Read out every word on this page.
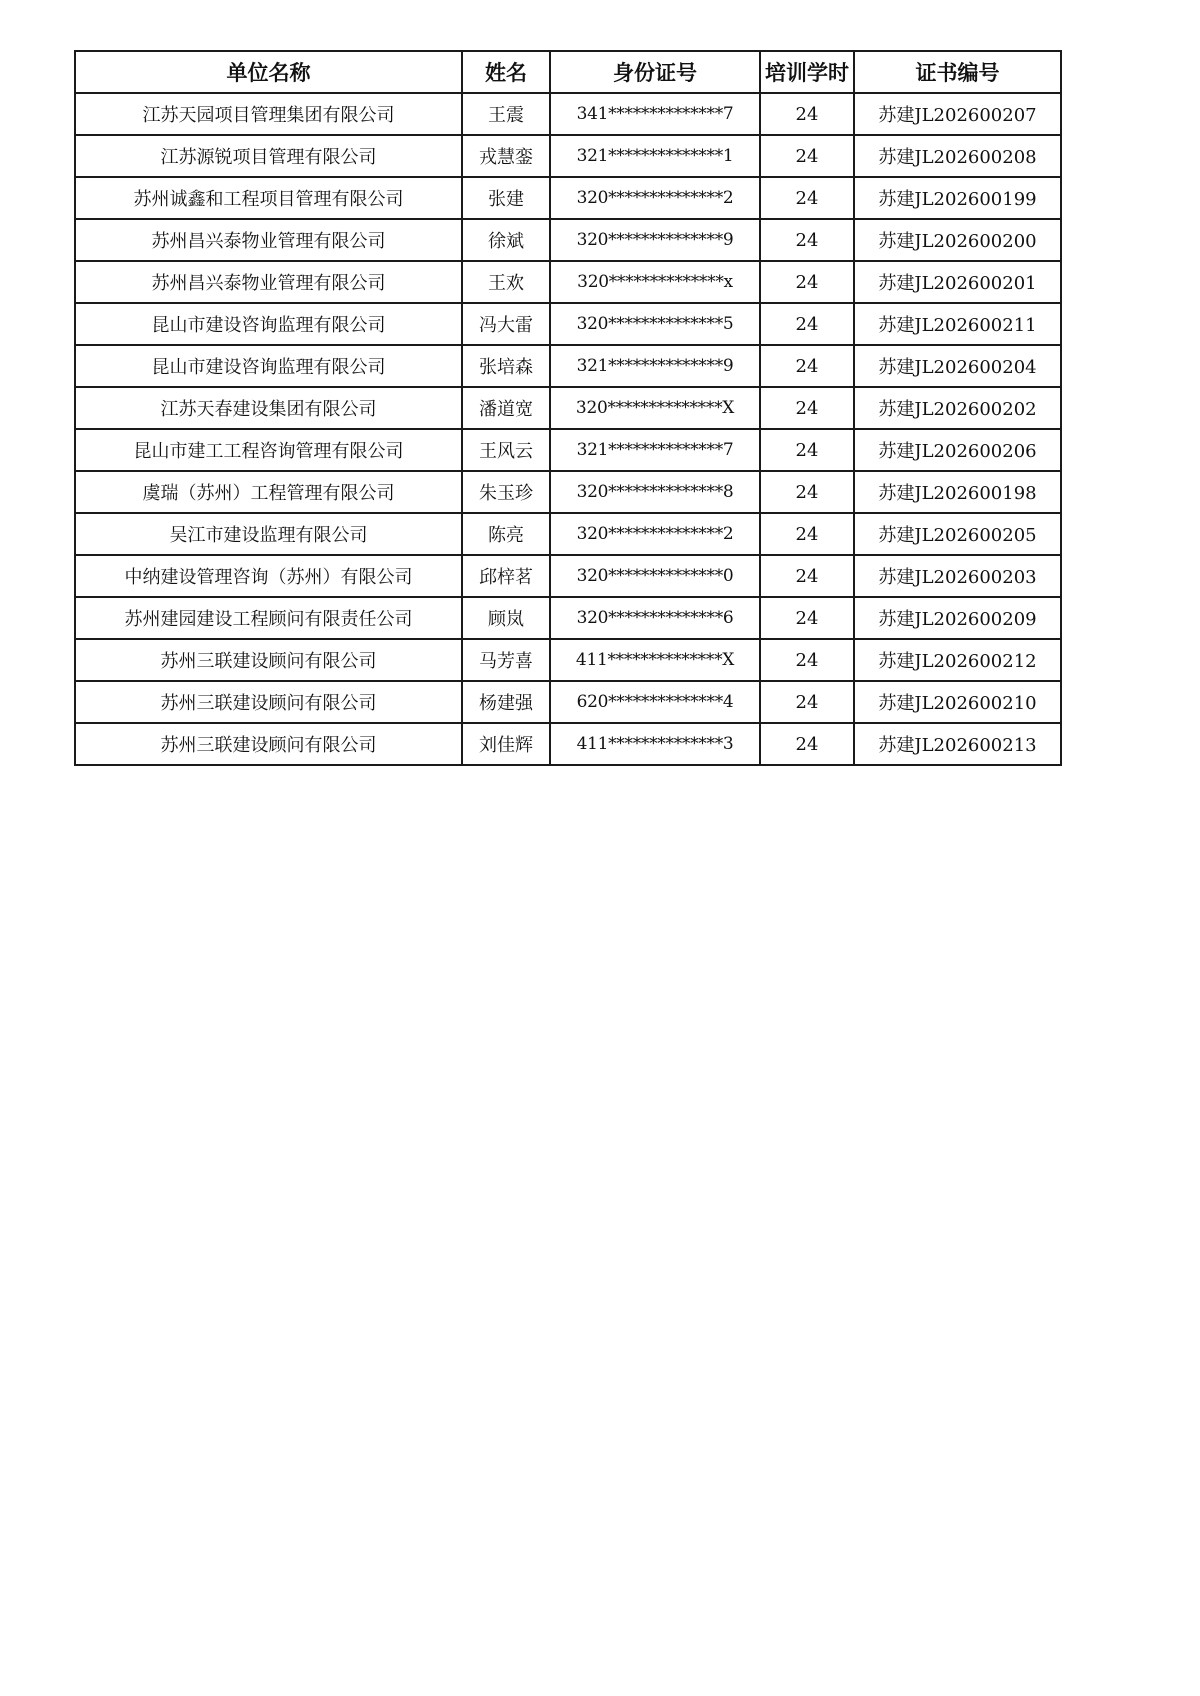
单位名称	姓名	身份证号	培训学时	证书编号
江苏天园项目管理集团有限公司	王震	341**************7	24	苏建JL202600207
江苏源锐项目管理有限公司	戎慧銮	321**************1	24	苏建JL202600208
苏州诚鑫和工程项目管理有限公司	张建	320**************2	24	苏建JL202600199
苏州昌兴泰物业管理有限公司	徐斌	320**************9	24	苏建JL202600200
苏州昌兴泰物业管理有限公司	王欢	320**************x	24	苏建JL202600201
昆山市建设咨询监理有限公司	冯大雷	320**************5	24	苏建JL202600211
昆山市建设咨询监理有限公司	张培森	321**************9	24	苏建JL202600204
江苏天春建设集团有限公司	潘道宽	320**************X	24	苏建JL202600202
昆山市建工工程咨询管理有限公司	王风云	321**************7	24	苏建JL202600206
虞瑞（苏州）工程管理有限公司	朱玉珍	320**************8	24	苏建JL202600198
吴江市建设监理有限公司	陈亮	320**************2	24	苏建JL202600205
中纳建设管理咨询（苏州）有限公司	邱梓茗	320**************0	24	苏建JL202600203
苏州建园建设工程顾问有限责任公司	顾岚	320**************6	24	苏建JL202600209
苏州三联建设顾问有限公司	马芳喜	411**************X	24	苏建JL202600212
苏州三联建设顾问有限公司	杨建强	620**************4	24	苏建JL202600210
苏州三联建设顾问有限公司	刘佳辉	411**************3	24	苏建JL202600213
